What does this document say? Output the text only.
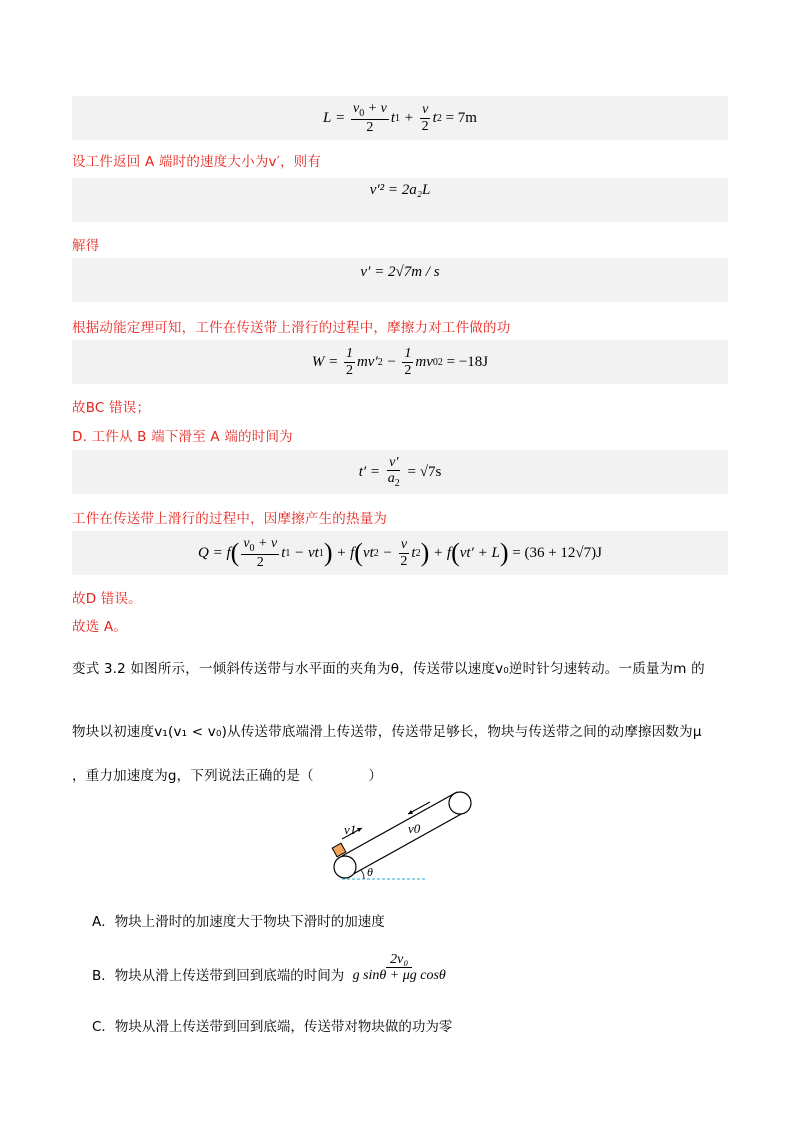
$L = \frac{v_0 + v}{2}$ t $1 + \frac{v}{2}$ t 2
= 7m
设工件返回 A 端时的速度大小为v′，则有
v′² = 2a₂L
解得
v′ = 2√7m / s
根据动能定理可知，工件在传送带上滑行的过程中，摩擦力对工件做的功
$W = \frac{1}{2} mv'$ $2 - \frac{1}{2}$ mv 0 2
= −18J
故BC 错误；
D. 工件从 B 端下滑至 A 端的时间为
$t' = \frac{v'}{a_2}$
= √7s
工件在传送带上滑行的过程中，因摩擦产生的热量为
Q = f ( $\frac{v_0 + v}{2}$ t 1 − vt 1 ) + f ( vt $2 - \frac{v}{2}$ t 2 ) + f ( vt′ + L )
= (36 + 12√7)J
故D 错误。
故选 A。
变式 3.2 如图所示，一倾斜传送带与水平面的夹角为θ，传送带以速度v₀逆时针匀速转动。一质量为m 的
物块以初速度v₁(v₁ < v₀)从传送带底端滑上传送带，传送带足够长，物块与传送带之间的动摩擦因数为μ
，重力加速度为g，下列说法正确的是（　　　　）
v1	v0
θ
A．物块上滑时的加速度大于物块下滑时的加速度
B．物块从滑上传送带到回到底端的时间为 $\frac{\text{2v₀}}{\text{g sinθ + μg cosθ}}$
C．物块从滑上传送带到回到底端，传送带对物块做的功为零
